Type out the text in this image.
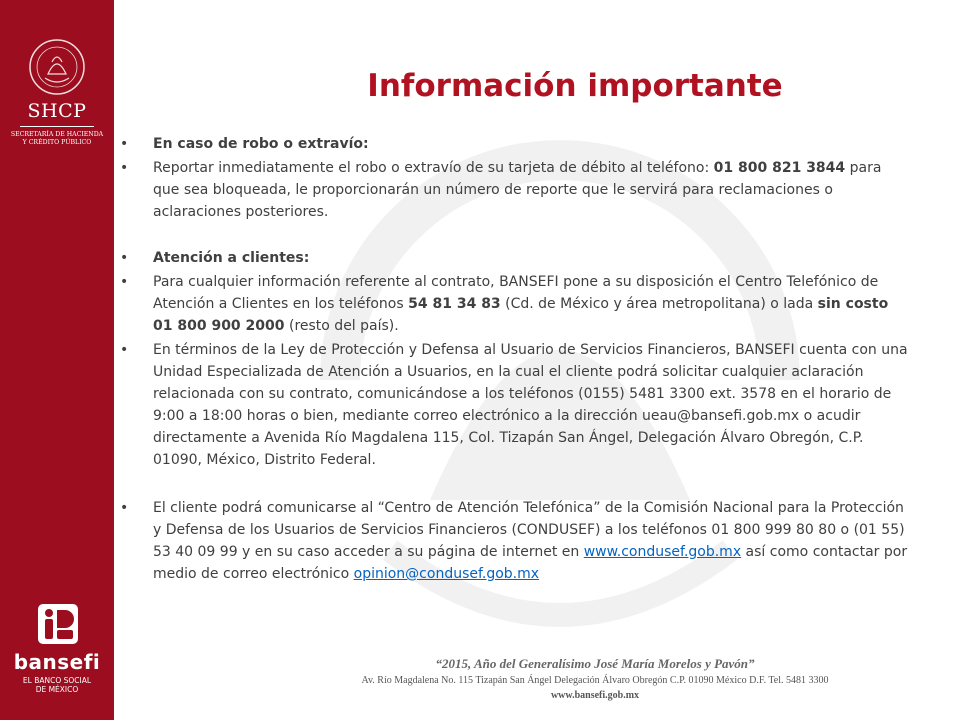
SHCP
SECRETARÍA DE HACIENDA
Y CRÉDITO PÚBLICO
bansefi
EL BANCO SOCIAL
DE MÉXICO
Información importante

• En caso de robo o extravío:

• Reportar inmediatamente el robo o extravío de su tarjeta de débito al teléfono: 01 800 821 3844 para que sea bloqueada, le proporcionarán un número de reporte que le servirá para reclamaciones o aclaraciones posteriores.

• Atención a clientes:

• Para cualquier información referente al contrato, BANSEFI pone a su disposición el Centro Telefónico de Atención a Clientes en los teléfonos 54 81 34 83 (Cd. de México y área metropolitana) o lada sin costo 01 800 900 2000 (resto del país).

• En términos de la Ley de Protección y Defensa al Usuario de Servicios Financieros, BANSEFI cuenta con una Unidad Especializada de Atención a Usuarios, en la cual el cliente podrá solicitar cualquier aclaración relacionada con su contrato, comunicándose a los teléfonos (0155) 5481 3300 ext. 3578 en el horario de 9:00 a 18:00 horas o bien, mediante correo electrónico a la dirección ueau@bansefi.gob.mx o acudir directamente a Avenida Río Magdalena 115, Col. Tizapán San Ángel, Delegación Álvaro Obregón, C.P. 01090, México, Distrito Federal.

• El cliente podrá comunicarse al “Centro de Atención Telefónica” de la Comisión Nacional para la Protección y Defensa de los Usuarios de Servicios Financieros (CONDUSEF) a los teléfonos 01 800 999 80 80 o (01 55) 53 40 09 99 y en su caso acceder a su página de internet en www.condusef.gob.mx así como contactar por medio de correo electrónico opinion@condusef.gob.mx

“2015, Año del Generalísimo José María Morelos y Pavón”
Av. Río Magdalena No. 115 Tizapán San Ángel Delegación Álvaro Obregón C.P. 01090 México D.F. Tel. 5481 3300
www.bansefi.gob.mx
